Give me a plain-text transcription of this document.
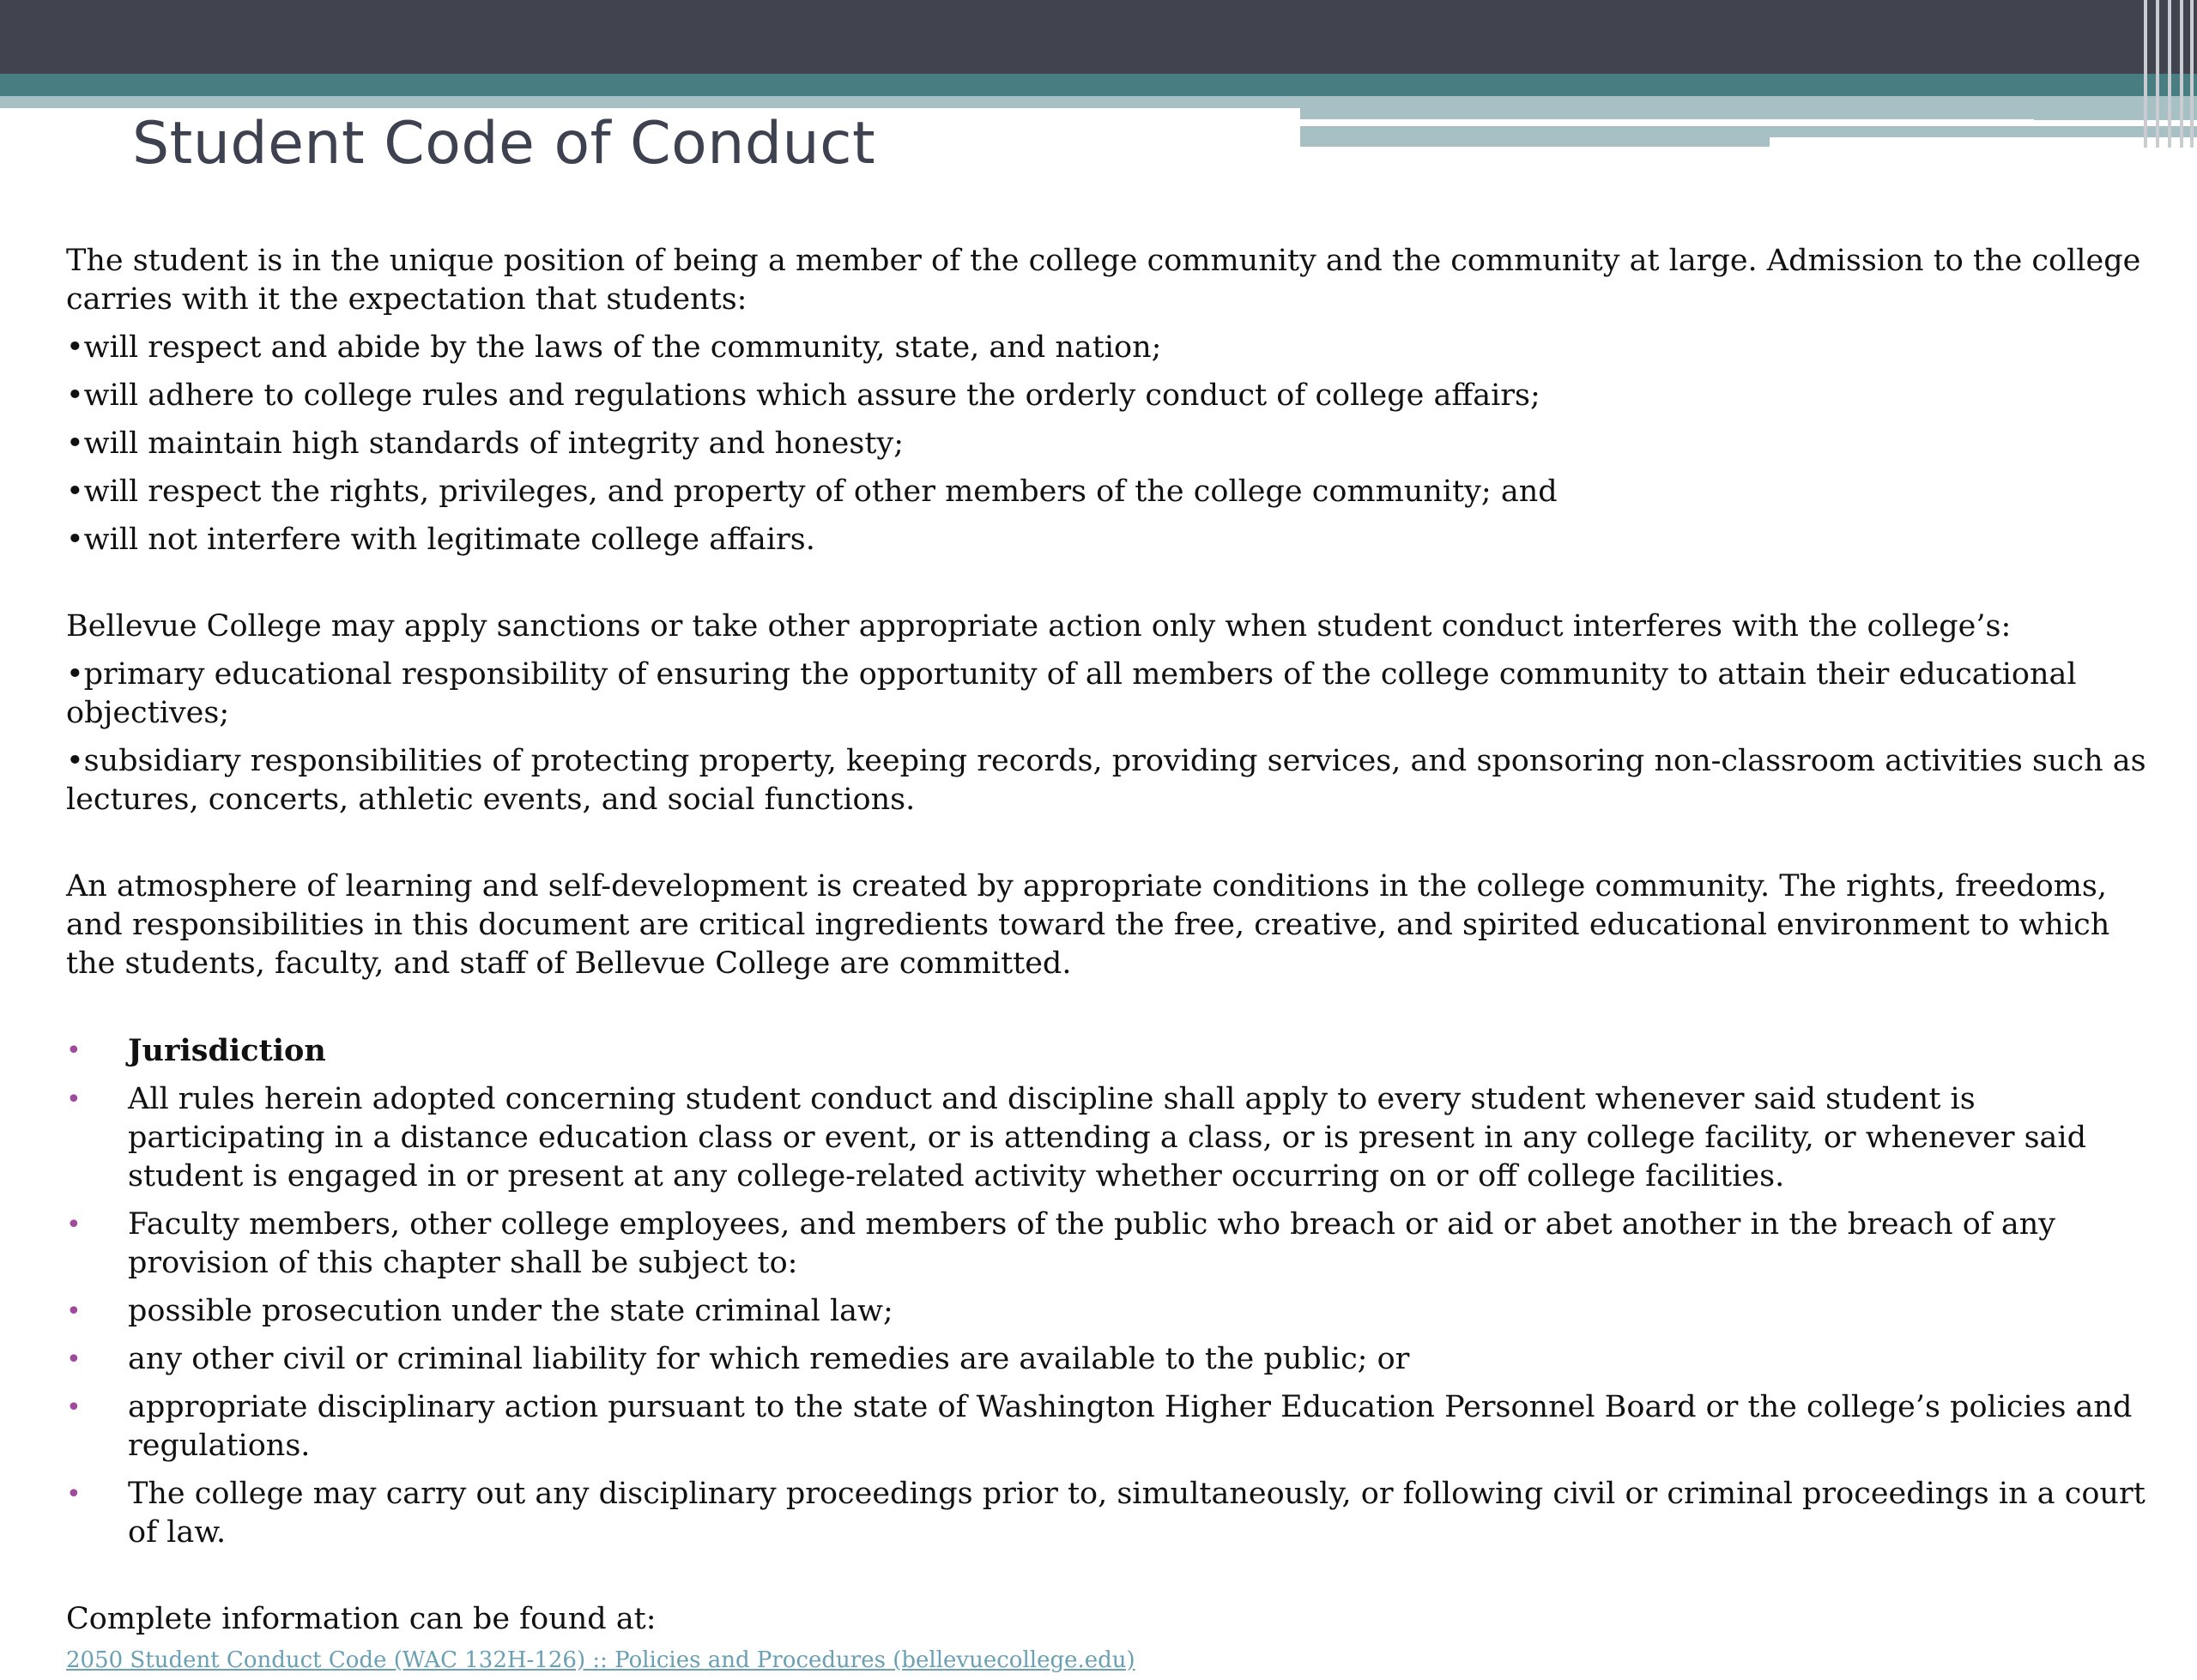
Student Code of Conduct

The student is in the unique position of being a member of the college community and the community at large. Admission to the college carries with it the expectation that students:

•will respect and abide by the laws of the community, state, and nation;

•will adhere to college rules and regulations which assure the orderly conduct of college affairs;

•will maintain high standards of integrity and honesty;

•will respect the rights, privileges, and property of other members of the college community; and

•will not interfere with legitimate college affairs.

Bellevue College may apply sanctions or take other appropriate action only when student conduct interferes with the college’s:

•primary educational responsibility of ensuring the opportunity of all members of the college community to attain their educational objectives;

•subsidiary responsibilities of protecting property, keeping records, providing services, and sponsoring non-classroom activities such as lectures, concerts, athletic events, and social functions.

An atmosphere of learning and self-development is created by appropriate conditions in the college community. The rights, freedoms, and responsibilities in this document are critical ingredients toward the free, creative, and spirited educational environment to which the students, faculty, and staff of Bellevue College are committed.

• Jurisdiction
• All rules herein adopted concerning student conduct and discipline shall apply to every student whenever said student is participating in a distance education class or event, or is attending a class, or is present in any college facility, or whenever said student is engaged in or present at any college-related activity whether occurring on or off college facilities.
• Faculty members, other college employees, and members of the public who breach or aid or abet another in the breach of any provision of this chapter shall be subject to:
• possible prosecution under the state criminal law;
• any other civil or criminal liability for which remedies are available to the public; or
• appropriate disciplinary action pursuant to the state of Washington Higher Education Personnel Board or the college’s policies and regulations.
• The college may carry out any disciplinary proceedings prior to, simultaneously, or following civil or criminal proceedings in a court of law.

Complete information can be found at:

2050 Student Conduct Code (WAC 132H-126) :: Policies and Procedures (bellevuecollege.edu)
